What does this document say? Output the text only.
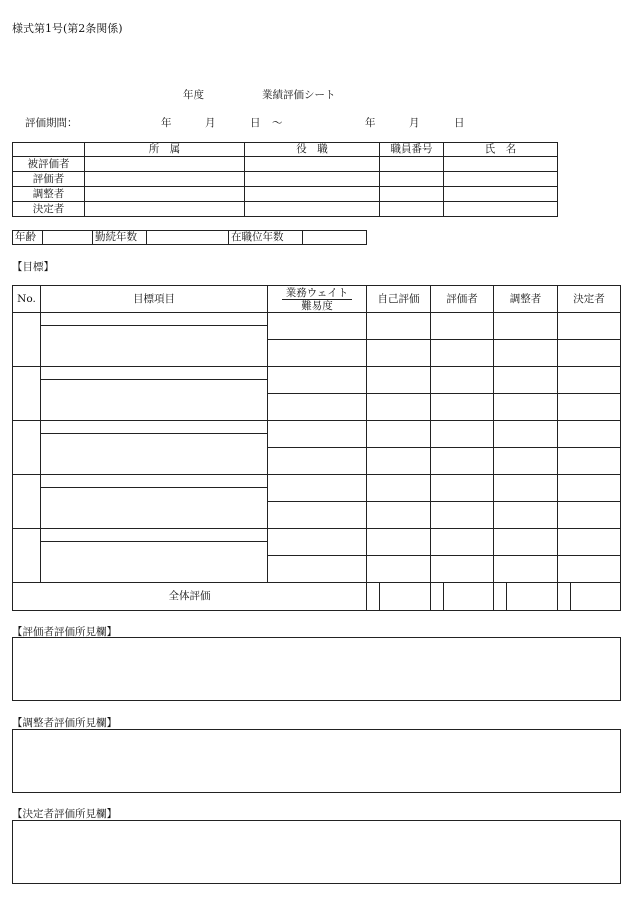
様式第1号(第2条関係)
年度	業績評価シート
評価期間：	年	月	日 ～	年	月	日
	所　属	役　職	職員番号	氏　名
被評価者				
評価者				
調整者				
決定者				
年齢		勤続年数		在職位年数	
【目標】
No.	目標項目	業務ウェイト
難易度	自己評価	評価者	調整者	決定者

全体評価			

【評価者評価所見欄】
【調整者評価所見欄】
【決定者評価所見欄】
